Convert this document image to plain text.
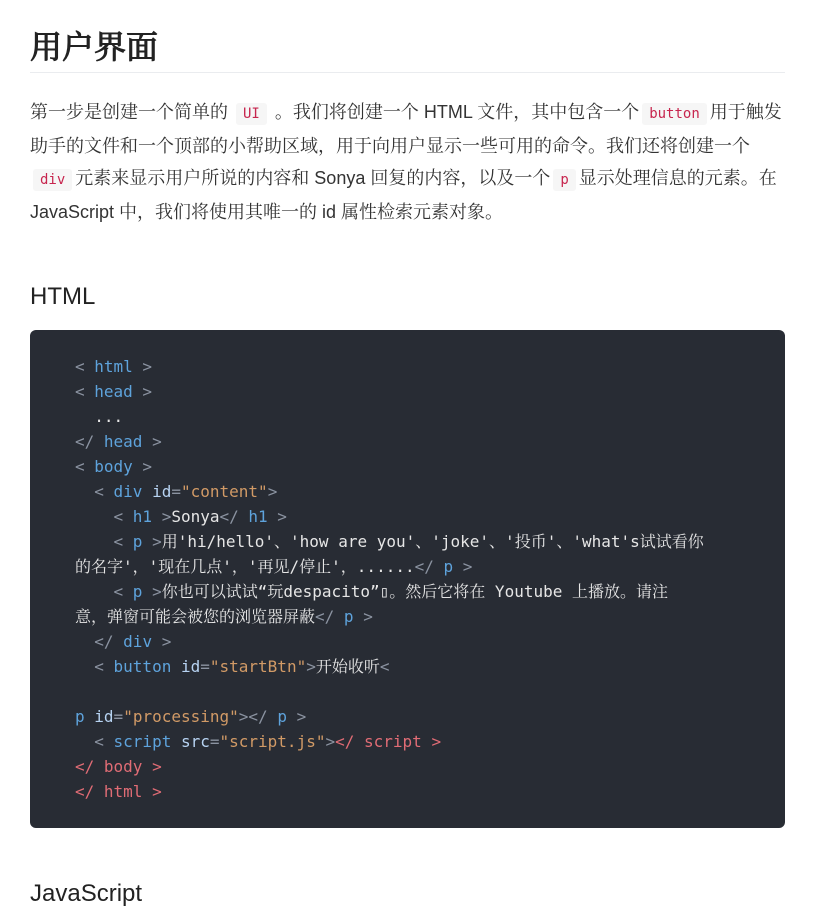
用户界面
第一步是创建一个简单的 UI 。我们将创建一个 HTML 文件，其中包含一个 button 用于触发助手的文件和一个顶部的小帮助区域，用于向用户显示一些可用的命令。我们还将创建一个div 元素来显示用户所说的内容和 Sonya 回复的内容，以及一个 p 显示处理信息的元素。在 JavaScript 中，我们将使用其唯一的 id 属性检索元素对象。
HTML
< html >
< head >
...
</ head >
< body >
< div id="content">
< h1 >Sonya</ h1 >
< p >用'hi/hello'、'how are you'、'joke'、'投币'、'what's试试看你
的名字'，'现在几点'，'再见/停止'，......</ p >
< p >你也可以试试“玩despacito”▯。然后它将在 Youtube 上播放。请注
意，弹窗可能会被您的浏览器屏蔽</ p >
</ div >
< button id="startBtn">开始收听<
p id="processing"></ p >
< script src="script.js"></ script >
</ body >
</ html >
JavaScript
